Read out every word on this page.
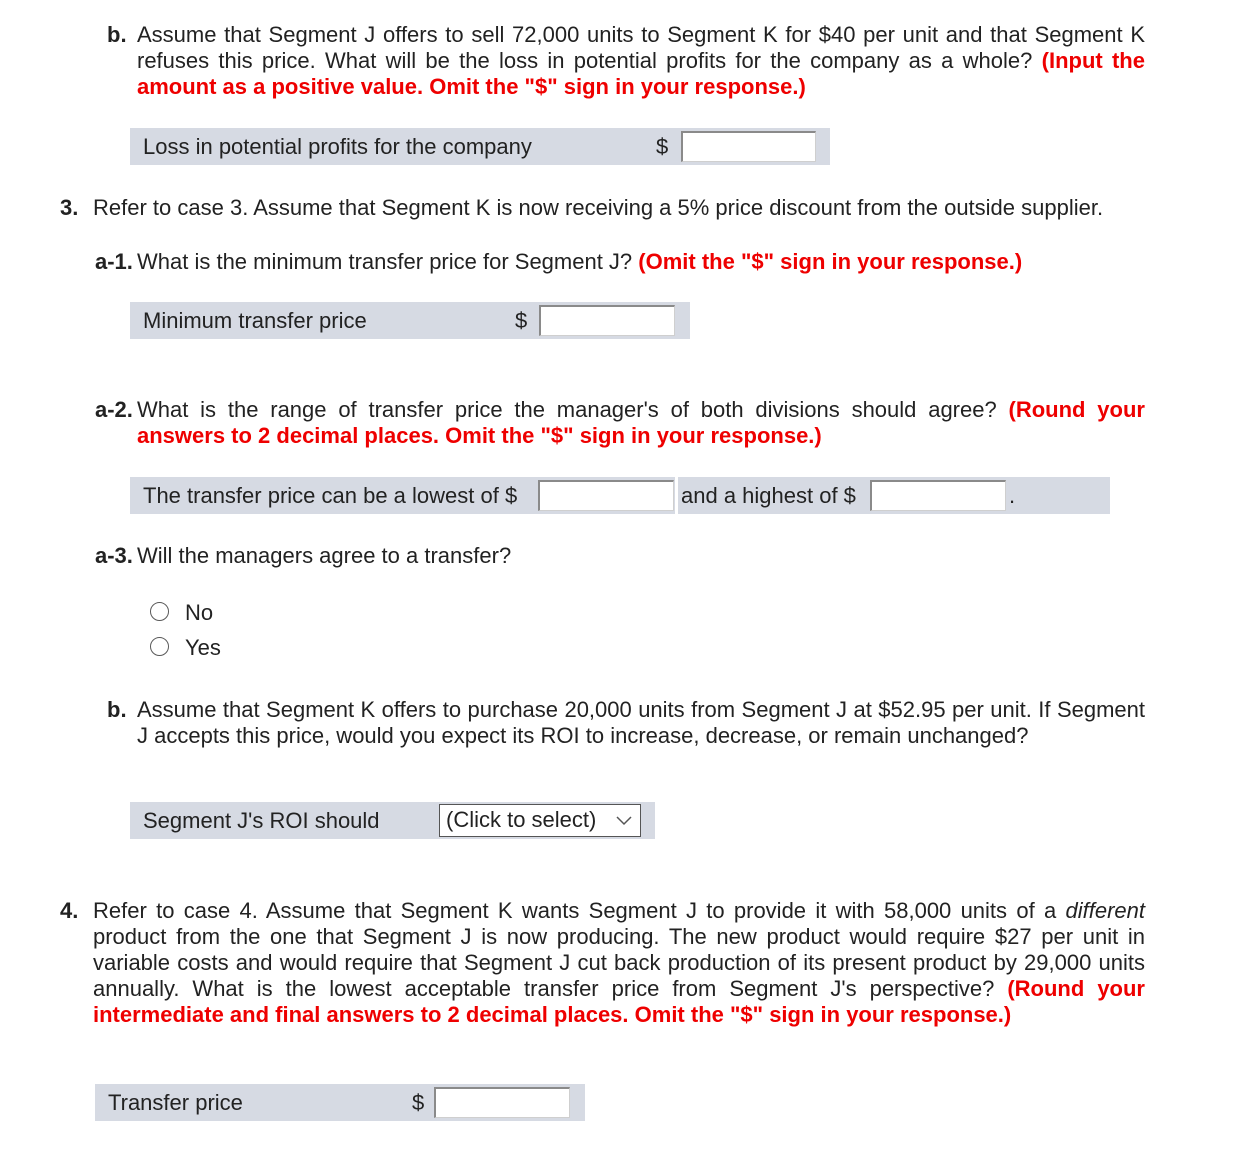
b. Assume that Segment J offers to sell 72,000 units to Segment K for $40 per unit and that Segment K refuses this price. What will be the loss in potential profits for the company as a whole? (Input the amount as a positive value. Omit the "$" sign in your response.)
Loss in potential profits for the company	$
3. Refer to case 3. Assume that Segment K is now receiving a 5% price discount from the outside supplier.
a-1. What is the minimum transfer price for Segment J? (Omit the "$" sign in your response.)
Minimum transfer price	$
a-2. What is the range of transfer price the manager's of both divisions should agree? (Round your answers to 2 decimal places. Omit the "$" sign in your response.)
The transfer price can be a lowest of $	and a highest of $	.
a-3. Will the managers agree to a transfer?
No
Yes
b. Assume that Segment K offers to purchase 20,000 units from Segment J at $52.95 per unit. If Segment J accepts this price, would you expect its ROI to increase, decrease, or remain unchanged?
Segment J's ROI should	(Click to select)
4. Refer to case 4. Assume that Segment K wants Segment J to provide it with 58,000 units of a different product from the one that Segment J is now producing. The new product would require $27 per unit in variable costs and would require that Segment J cut back production of its present product by 29,000 units annually. What is the lowest acceptable transfer price from Segment J's perspective? (Round your intermediate and final answers to 2 decimal places. Omit the "$" sign in your response.)
Transfer price	$
